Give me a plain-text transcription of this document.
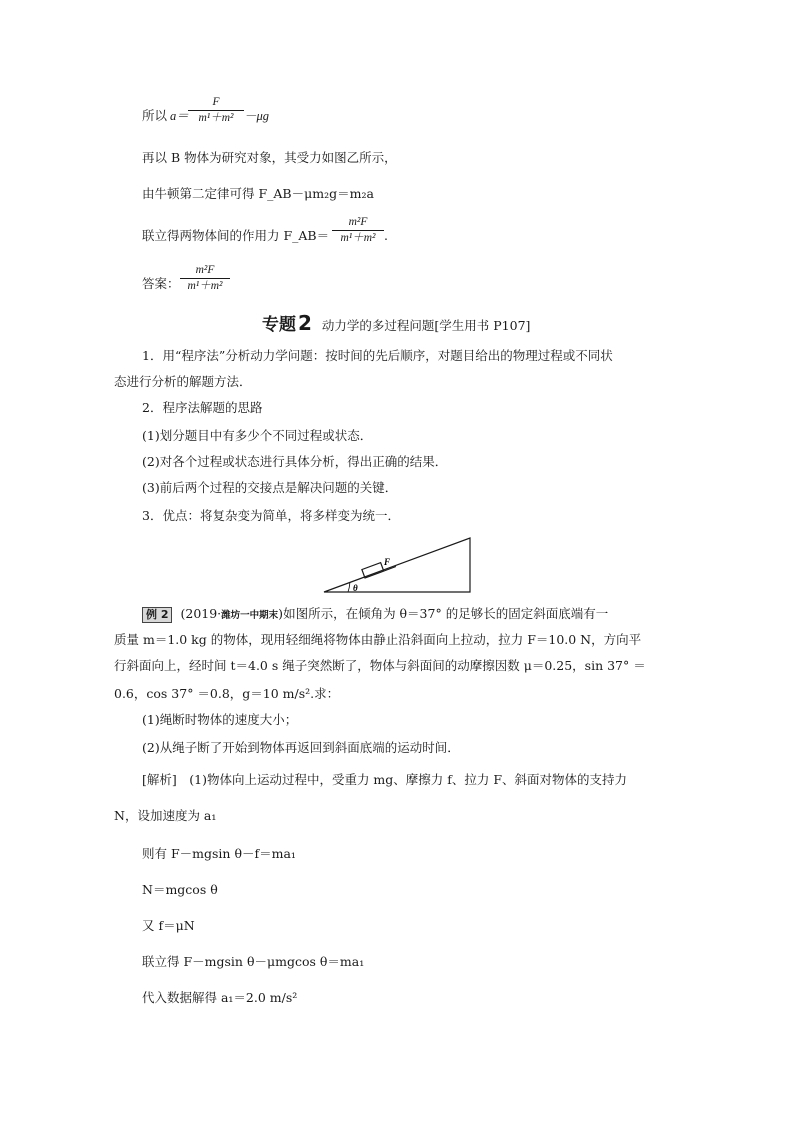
所以 a＝
F
m¹＋m² －μg
再以 B 物体为研究对象，其受力如图乙所示，
由牛顿第二定律可得 F_AB－μm₂g＝m₂a
联立得两物体间的作用力 F_AB＝
m²F
m¹＋m² .
答案：
m²F
m¹＋m²
专题 2 动力学的多过程问题[学生用书 P107]
1．用“程序法”分析动力学问题：按时间的先后顺序，对题目给出的物理过程或不同状
态进行分析的解题方法．
2．程序法解题的思路
(1)划分题目中有多少个不同过程或状态．
(2)对各个过程或状态进行具体分析，得出正确的结果．
(3)前后两个过程的交接点是解决问题的关键．
3．优点：将复杂变为简单，将多样变为统一．
F
θ
例 2 (2019·潍坊一中期末)如图所示，在倾角为 θ＝37° 的足够长的固定斜面底端有一
质量 m＝1.0 kg 的物体，现用轻细绳将物体由静止沿斜面向上拉动，拉力 F＝10.0 N，方向平
行斜面向上，经时间 t＝4.0 s 绳子突然断了，物体与斜面间的动摩擦因数 μ＝0.25，sin 37° ＝
0.6，cos 37° ＝0.8，g＝10 m/s².求：
(1)绳断时物体的速度大小；
(2)从绳子断了开始到物体再返回到斜面底端的运动时间．
[解析]　(1)物体向上运动过程中，受重力 mg、摩擦力 f、拉力 F、斜面对物体的支持力
N，设加速度为 a₁
则有 F－mgsin θ－f＝ma₁
N＝mgcos θ
又 f＝μN
联立得 F－mgsin θ－μmgcos θ＝ma₁
代入数据解得 a₁＝2.0 m/s²
